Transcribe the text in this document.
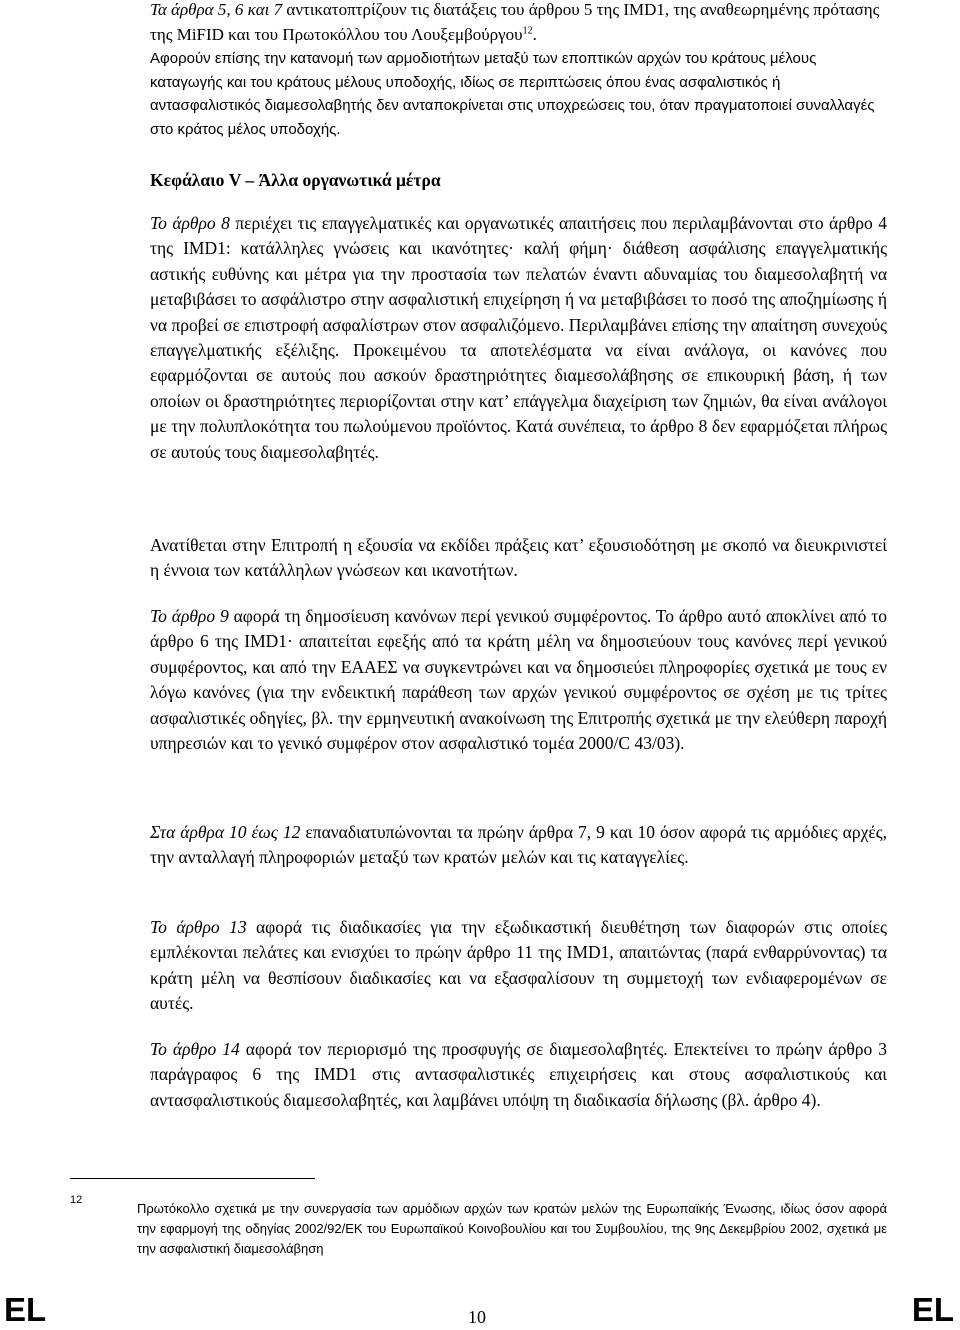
Τα άρθρα 5, 6 και 7 αντικατοπτρίζουν τις διατάξεις του άρθρου 5 της IMD1, της αναθεωρημένης πρότασης της MiFID και του Πρωτοκόλλου του Λουξεμβούργου$^{12}$.
Αφορούν επίσης την κατανομή των αρμοδιοτήτων μεταξύ των εποπτικών αρχών του κράτους μέλους καταγωγής και του κράτους μέλους υποδοχής, ιδίως σε περιπτώσεις όπου ένας ασφαλιστικός ή αντασφαλιστικός διαμεσολαβητής δεν ανταποκρίνεται στις υποχρεώσεις του, όταν πραγματοποιεί συναλλαγές στο κράτος μέλος υποδοχής.
Κεφάλαιο V – Άλλα οργανωτικά μέτρα

Το άρθρο 8 περιέχει τις επαγγελματικές και οργανωτικές απαιτήσεις που περιλαμβάνονται στο άρθρο 4 της IMD1: κατάλληλες γνώσεις και ικανότητες· καλή φήμη· διάθεση ασφάλισης επαγγελματικής αστικής ευθύνης και μέτρα για την προστασία των πελατών έναντι αδυναμίας του διαμεσολαβητή να μεταβιβάσει το ασφάλιστρο στην ασφαλιστική επιχείρηση ή να μεταβιβάσει το ποσό της αποζημίωσης ή να προβεί σε επιστροφή ασφαλίστρων στον ασφαλιζόμενο. Περιλαμβάνει επίσης την απαίτηση συνεχούς επαγγελματικής εξέλιξης. Προκειμένου τα αποτελέσματα να είναι ανάλογα, οι κανόνες που εφαρμόζονται σε αυτούς που ασκούν δραστηριότητες διαμεσολάβησης σε επικουρική βάση, ή των οποίων οι δραστηριότητες περιορίζονται στην κατ’ επάγγελμα διαχείριση των ζημιών, θα είναι ανάλογοι με την πολυπλοκότητα του πωλούμενου προϊόντος. Κατά συνέπεια, το άρθρο 8 δεν εφαρμόζεται πλήρως σε αυτούς τους διαμεσολαβητές.

Ανατίθεται στην Επιτροπή η εξουσία να εκδίδει πράξεις κατ’ εξουσιοδότηση με σκοπό να διευκρινιστεί η έννοια των κατάλληλων γνώσεων και ικανοτήτων.

Το άρθρο 9 αφορά τη δημοσίευση κανόνων περί γενικού συμφέροντος. Το άρθρο αυτό αποκλίνει από το άρθρο 6 της IMD1· απαιτείται εφεξής από τα κράτη μέλη να δημοσιεύουν τους κανόνες περί γενικού συμφέροντος, και από την ΕΑΑΕΣ να συγκεντρώνει και να δημοσιεύει πληροφορίες σχετικά με τους εν λόγω κανόνες (για την ενδεικτική παράθεση των αρχών γενικού συμφέροντος σε σχέση με τις τρίτες ασφαλιστικές οδηγίες, βλ. την ερμηνευτική ανακοίνωση της Επιτροπής σχετικά με την ελεύθερη παροχή υπηρεσιών και το γενικό συμφέρον στον ασφαλιστικό τομέα 2000/C 43/03).

Στα άρθρα 10 έως 12 επαναδιατυπώνονται τα πρώην άρθρα 7, 9 και 10 όσον αφορά τις αρμόδιες αρχές, την ανταλλαγή πληροφοριών μεταξύ των κρατών μελών και τις καταγγελίες.

Το άρθρο 13 αφορά τις διαδικασίες για την εξωδικαστική διευθέτηση των διαφορών στις οποίες εμπλέκονται πελάτες και ενισχύει το πρώην άρθρο 11 της IMD1, απαιτώντας (παρά ενθαρρύνοντας) τα κράτη μέλη να θεσπίσουν διαδικασίες και να εξασφαλίσουν τη συμμετοχή των ενδιαφερομένων σε αυτές.

Το άρθρο 14 αφορά τον περιορισμό της προσφυγής σε διαμεσολαβητές. Επεκτείνει το πρώην άρθρο 3 παράγραφος 6 της IMD1 στις αντασφαλιστικές επιχειρήσεις και στους ασφαλιστικούς και αντασφαλιστικούς διαμεσολαβητές, και λαμβάνει υπόψη τη διαδικασία δήλωσης (βλ. άρθρο 4).

12

Πρωτόκολλο σχετικά με την συνεργασία των αρμόδιων αρχών των κρατών μελών της Ευρωπαϊκής Ένωσης, ιδίως όσον αφορά την εφαρμογή της οδηγίας 2002/92/ΕΚ του Ευρωπαϊκού Κοινοβουλίου και του Συμβουλίου, της 9ης Δεκεμβρίου 2002, σχετικά με την ασφαλιστική διαμεσολάβηση

EL	10	EL
